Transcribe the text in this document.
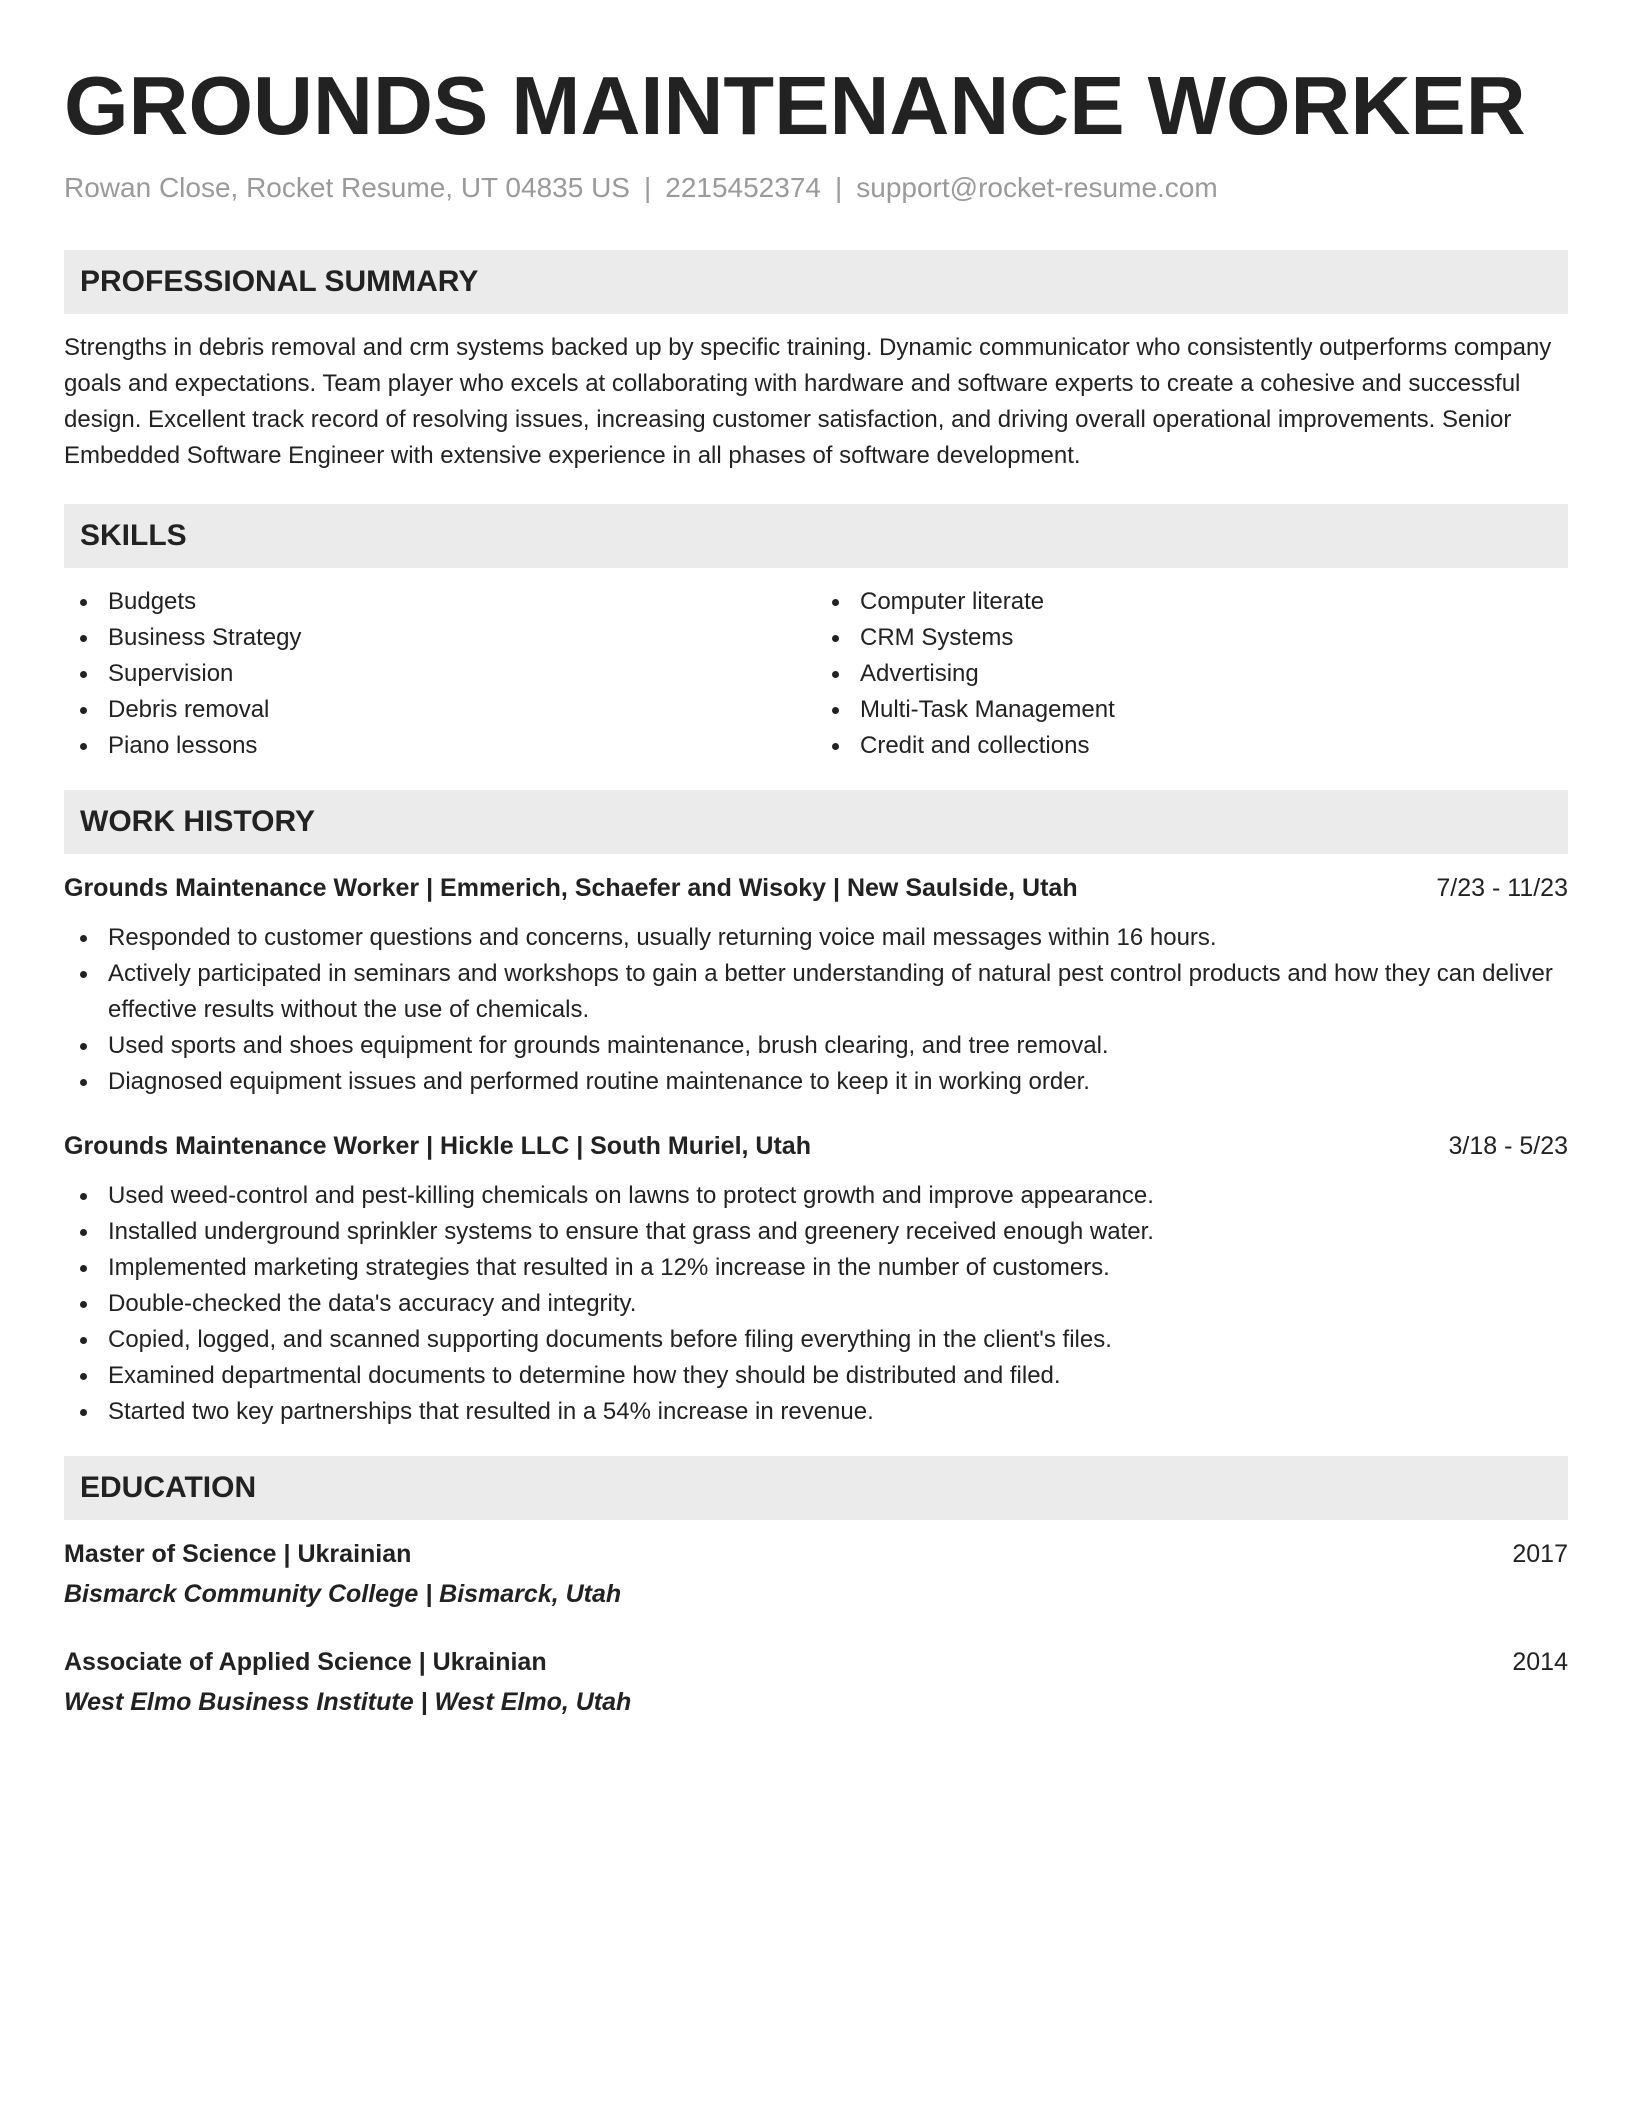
GROUNDS MAINTENANCE WORKER
Rowan Close, Rocket Resume, UT 04835 US | 2215452374 | support@rocket-resume.com
PROFESSIONAL SUMMARY

Strengths in debris removal and crm systems backed up by specific training. Dynamic communicator who consistently outperforms company goals and expectations. Team player who excels at collaborating with hardware and software experts to create a cohesive and successful design. Excellent track record of resolving issues, increasing customer satisfaction, and driving overall operational improvements. Senior Embedded Software Engineer with extensive experience in all phases of software development.

SKILLS
Budgets
Business Strategy
Supervision
Debris removal
Piano lessons
Computer literate
CRM Systems
Advertising
Multi-Task Management
Credit and collections
WORK HISTORY
Grounds Maintenance Worker | Emmerich, Schaefer and Wisoky | New Saulside, Utah	7/23 - 11/23
Responded to customer questions and concerns, usually returning voice mail messages within 16 hours.
Actively participated in seminars and workshops to gain a better understanding of natural pest control products and how they can deliver effective results without the use of chemicals.
Used sports and shoes equipment for grounds maintenance, brush clearing, and tree removal.
Diagnosed equipment issues and performed routine maintenance to keep it in working order.
Grounds Maintenance Worker | Hickle LLC | South Muriel, Utah	3/18 - 5/23
Used weed-control and pest-killing chemicals on lawns to protect growth and improve appearance.
Installed underground sprinkler systems to ensure that grass and greenery received enough water.
Implemented marketing strategies that resulted in a 12% increase in the number of customers.
Double-checked the data's accuracy and integrity.
Copied, logged, and scanned supporting documents before filing everything in the client's files.
Examined departmental documents to determine how they should be distributed and filed.
Started two key partnerships that resulted in a 54% increase in revenue.
EDUCATION
Master of Science | Ukrainian	2017
Bismarck Community College | Bismarck, Utah
Associate of Applied Science | Ukrainian	2014
West Elmo Business Institute | West Elmo, Utah
